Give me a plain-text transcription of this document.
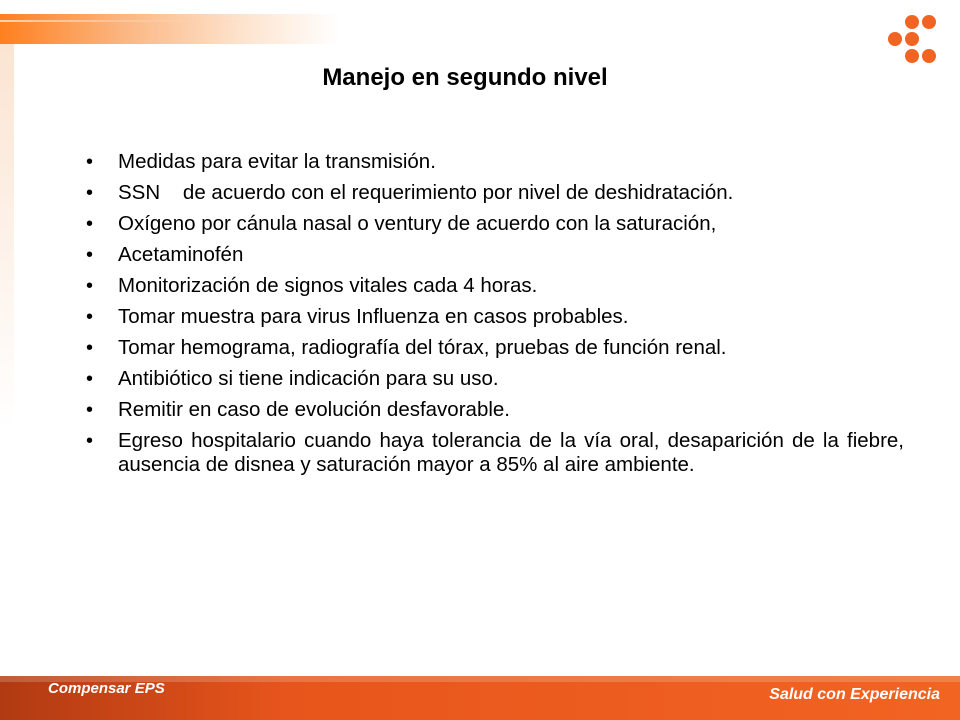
Manejo en segundo nivel
• Medidas para evitar la transmisión.
• SSN    de acuerdo con el requerimiento por nivel de deshidratación.
• Oxígeno por cánula nasal o ventury de acuerdo con la saturación,
• Acetaminofén
• Monitorización de signos vitales cada 4 horas.
• Tomar muestra para virus Influenza en casos probables.
• Tomar hemograma, radiografía del tórax, pruebas de función renal.
• Antibiótico si tiene indicación para su uso.
• Remitir en caso de evolución desfavorable.
• Egreso hospitalario cuando haya tolerancia de la vía oral, desaparición de la fiebre, ausencia de disnea y saturación mayor a 85% al aire ambiente.
Compensar EPS	Salud con Experiencia
